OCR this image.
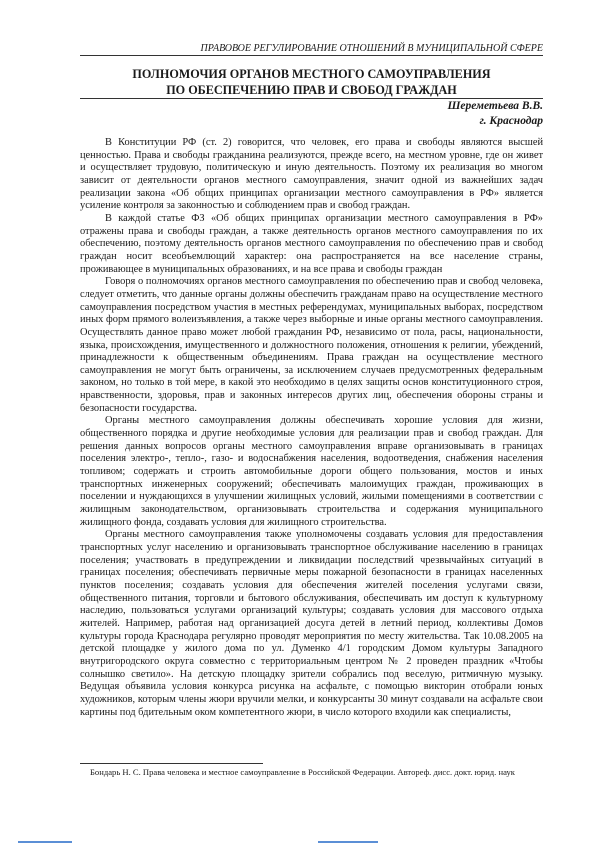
ПРАВОВОЕ РЕГУЛИРОВАНИЕ ОТНОШЕНИЙ В МУНИЦИПАЛЬНОЙ СФЕРЕ
ПОЛНОМОЧИЯ ОРГАНОВ МЕСТНОГО САМОУПРАВЛЕНИЯ
ПО ОБЕСПЕЧЕНИЮ ПРАВ И СВОБОД ГРАЖДАН
Шереметьева В.В.
г. Краснодар

В Конституции РФ (ст. 2) говорится, что человек, его права и свободы являются высшей ценностью. Права и свободы гражданина реализуются, прежде всего, на местном уровне, где он живет и осуществляет трудовую, политическую и иную деятельность. Поэтому их реализация во многом зависит от деятельности органов местного самоуправления, значит одной из важнейших задач реализации закона «Об общих принципах организации местного самоуправления в РФ» является усиление контроля за законностью и соблюдением прав и свобод граждан.

В каждой статье ФЗ «Об общих принципах организации местного самоуправления в РФ» отражены права и свободы граждан, а также деятельность органов местного самоуправления по их обеспечению, поэтому деятельность органов местного самоуправления по обеспечению прав и свобод граждан носит всеобъемлющий характер: она распространяется на все население страны, проживающее в муниципальных образованиях, и на все права и свободы граждан

Говоря о полномочиях органов местного самоуправления по обеспечению прав и свобод человека, следует отметить, что данные органы должны обеспечить гражданам право на осуществление местного самоуправления посредством участия в местных референдумах, муниципальных выборах, посредством иных форм прямого волеизъявления, а также через выборные и иные органы местного самоуправления. Осуществлять данное право может любой гражданин РФ, независимо от пола, расы, национальности, языка, происхождения, имущественного и должностного положения, отношения к религии, убеждений, принадлежности к общественным объединениям. Права граждан на осуществление местного самоуправления не могут быть ограничены, за исключением случаев предусмотренных федеральным законом, но только в той мере, в какой это необходимо в целях защиты основ конституционного строя, нравственности, здоровья, прав и законных интересов других лиц, обеспечения обороны страны и безопасности государства.

Органы местного самоуправления должны обеспечивать хорошие условия для жизни, общественного порядка и другие необходимые условия для реализации прав и свобод граждан. Для решения данных вопросов органы местного самоуправления вправе организовывать в границах поселения электро-, тепло-, газо- и водоснабжения населения, водоотведения, снабжения населения топливом; содержать и строить автомобильные дороги общего пользования, мостов и иных транспортных инженерных сооружений; обеспечивать малоимущих граждан, проживающих в поселении и нуждающихся в улучшении жилищных условий, жилыми помещениями в соответствии с жилищным законодательством, организовывать строительства и содержания муниципального жилищного фонда, создавать условия для жилищного строительства.

Органы местного самоуправления также уполномочены создавать условия для предоставления транспортных услуг населению и организовывать транспортное обслуживание населению в границах поселения; участвовать в предупреждении и ликвидации последствий чрезвычайных ситуаций в границах поселения; обеспечивать первичные меры пожарной безопасности в границах населенных пунктов поселения; создавать условия для обеспечения жителей поселения услугами связи, общественного питания, торговли и бытового обслуживания, обеспечивать им доступ к культурному наследию, пользоваться услугами организаций культуры; создавать условия для массового отдыха жителей. Например, работая над организацией досуга детей в летний период, коллективы Домов культуры города Краснодара регулярно проводят мероприятия по месту жительства. Так 10.08.2005 на детской площадке у жилого дома по ул. Думенко 4/1 городским Домом культуры Западного внутригородского округа совместно с территориальным центром № 2 проведен праздник «Чтобы солнышко светило». На детскую площадку зрители собрались под веселую, ритмичную музыку. Ведущая объявила условия конкурса рисунка на асфальте, с помощью викторин отобрали юных художников, которым члены жюри вручили мелки, и конкурсанты 30 минут создавали на асфальте свои картины под бдительным оком компетентного жюри, в число которого входили как специалисты,

Бондарь Н. С. Права человека и местное самоуправление в Российской Федерации. Автореф. дисс. докт. юрид. наук
